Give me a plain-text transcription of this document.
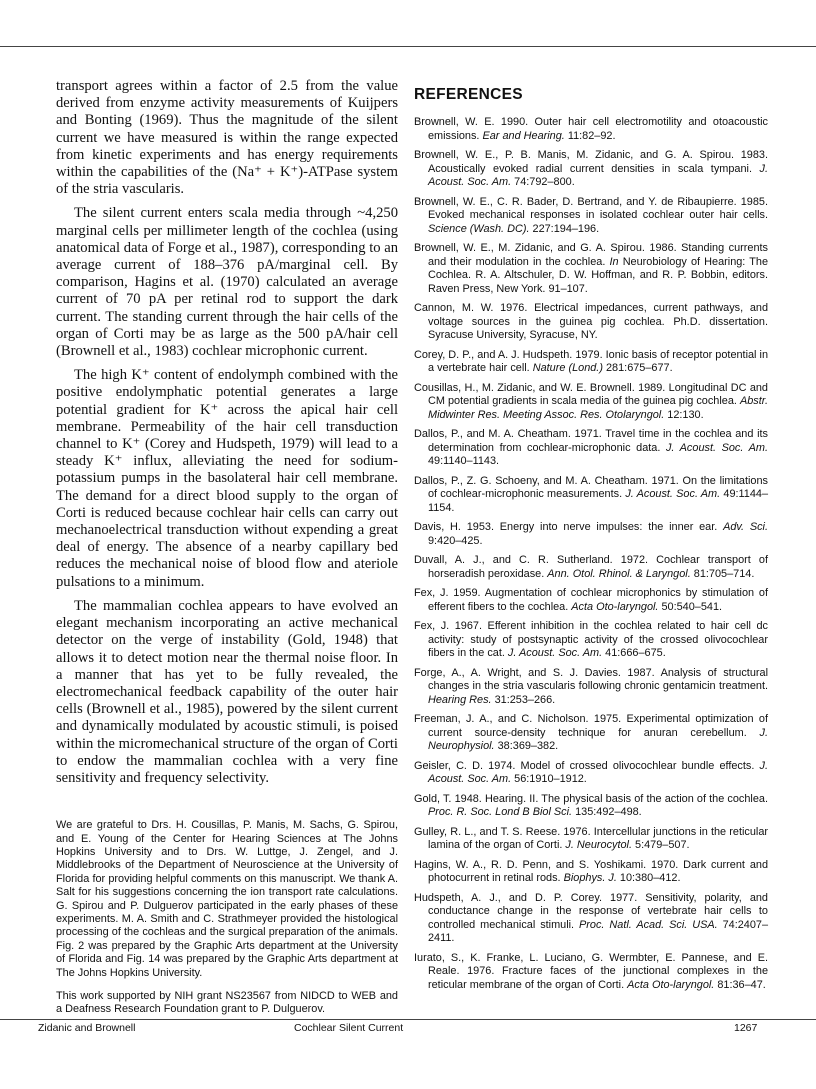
transport agrees within a factor of 2.5 from the value derived from enzyme activity measurements of Kuijpers and Bonting (1969). Thus the magnitude of the silent current we have measured is within the range expected from kinetic experiments and has energy requirements within the capabilities of the (Na⁺ + K⁺)-ATPase system of the stria vascularis.

The silent current enters scala media through ~4,250 marginal cells per millimeter length of the cochlea (using anatomical data of Forge et al., 1987), corresponding to an average current of 188–376 pA/marginal cell. By comparison, Hagins et al. (1970) calculated an average current of 70 pA per retinal rod to support the dark current. The standing current through the hair cells of the organ of Corti may be as large as the 500 pA/hair cell (Brownell et al., 1983) cochlear microphonic current.

The high K⁺ content of endolymph combined with the positive endolymphatic potential generates a large potential gradient for K⁺ across the apical hair cell membrane. Permeability of the hair cell transduction channel to K⁺ (Corey and Hudspeth, 1979) will lead to a steady K⁺ influx, alleviating the need for sodium-potassium pumps in the basolateral hair cell membrane. The demand for a direct blood supply to the organ of Corti is reduced because cochlear hair cells can carry out mechanoelectrical transduction without expending a great deal of energy. The absence of a nearby capillary bed reduces the mechanical noise of blood flow and ateriole pulsations to a minimum.

The mammalian cochlea appears to have evolved an elegant mechanism incorporating an active mechanical detector on the verge of instability (Gold, 1948) that allows it to detect motion near the thermal noise floor. In a manner that has yet to be fully revealed, the electromechanical feedback capability of the outer hair cells (Brownell et al., 1985), powered by the silent current and dynamically modulated by acoustic stimuli, is poised within the micromechanical structure of the organ of Corti to endow the mammalian cochlea with a very fine sensitivity and frequency selectivity.

We are grateful to Drs. H. Cousillas, P. Manis, M. Sachs, G. Spirou, and E. Young of the Center for Hearing Sciences at The Johns Hopkins University and to Drs. W. Luttge, J. Zengel, and J. Middlebrooks of the Department of Neuroscience at the University of Florida for providing helpful comments on this manuscript. We thank A. Salt for his suggestions concerning the ion transport rate calculations. G. Spirou and P. Dulguerov participated in the early phases of these experiments. M. A. Smith and C. Strathmeyer provided the histological processing of the cochleas and the surgical preparation of the animals. Fig. 2 was prepared by the Graphic Arts department at the University of Florida and Fig. 14 was prepared by the Graphic Arts department at The Johns Hopkins University.

This work supported by NIH grant NS23567 from NIDCD to WEB and a Deafness Research Foundation grant to P. Dulguerov.

REFERENCES
Brownell, W. E. 1990. Outer hair cell electromotility and otoacoustic emissions. Ear and Hearing. 11:82–92.
Brownell, W. E., P. B. Manis, M. Zidanic, and G. A. Spirou. 1983. Acoustically evoked radial current densities in scala tympani. J. Acoust. Soc. Am. 74:792–800.
Brownell, W. E., C. R. Bader, D. Bertrand, and Y. de Ribaupierre. 1985. Evoked mechanical responses in isolated cochlear outer hair cells. Science (Wash. DC). 227:194–196.
Brownell, W. E., M. Zidanic, and G. A. Spirou. 1986. Standing currents and their modulation in the cochlea. In Neurobiology of Hearing: The Cochlea. R. A. Altschuler, D. W. Hoffman, and R. P. Bobbin, editors. Raven Press, New York. 91–107.
Cannon, M. W. 1976. Electrical impedances, current pathways, and voltage sources in the guinea pig cochlea. Ph.D. dissertation. Syracuse University, Syracuse, NY.
Corey, D. P., and A. J. Hudspeth. 1979. Ionic basis of receptor potential in a vertebrate hair cell. Nature (Lond.) 281:675–677.
Cousillas, H., M. Zidanic, and W. E. Brownell. 1989. Longitudinal DC and CM potential gradients in scala media of the guinea pig cochlea. Abstr. Midwinter Res. Meeting Assoc. Res. Otolaryngol. 12:130.
Dallos, P., and M. A. Cheatham. 1971. Travel time in the cochlea and its determination from cochlear-microphonic data. J. Acoust. Soc. Am. 49:1140–1143.
Dallos, P., Z. G. Schoeny, and M. A. Cheatham. 1971. On the limitations of cochlear-microphonic measurements. J. Acoust. Soc. Am. 49:1144–1154.
Davis, H. 1953. Energy into nerve impulses: the inner ear. Adv. Sci. 9:420–425.
Duvall, A. J., and C. R. Sutherland. 1972. Cochlear transport of horseradish peroxidase. Ann. Otol. Rhinol. & Laryngol. 81:705–714.
Fex, J. 1959. Augmentation of cochlear microphonics by stimulation of efferent fibers to the cochlea. Acta Oto-laryngol. 50:540–541.
Fex, J. 1967. Efferent inhibition in the cochlea related to hair cell dc activity: study of postsynaptic activity of the crossed olivocochlear fibers in the cat. J. Acoust. Soc. Am. 41:666–675.
Forge, A., A. Wright, and S. J. Davies. 1987. Analysis of structural changes in the stria vascularis following chronic gentamicin treatment. Hearing Res. 31:253–266.
Freeman, J. A., and C. Nicholson. 1975. Experimental optimization of current source-density technique for anuran cerebellum. J. Neurophysiol. 38:369–382.
Geisler, C. D. 1974. Model of crossed olivocochlear bundle effects. J. Acoust. Soc. Am. 56:1910–1912.
Gold, T. 1948. Hearing. II. The physical basis of the action of the cochlea. Proc. R. Soc. Lond B Biol Sci. 135:492–498.
Gulley, R. L., and T. S. Reese. 1976. Intercellular junctions in the reticular lamina of the organ of Corti. J. Neurocytol. 5:479–507.
Hagins, W. A., R. D. Penn, and S. Yoshikami. 1970. Dark current and photocurrent in retinal rods. Biophys. J. 10:380–412.
Hudspeth, A. J., and D. P. Corey. 1977. Sensitivity, polarity, and conductance change in the response of vertebrate hair cells to controlled mechanical stimuli. Proc. Natl. Acad. Sci. USA. 74:2407–2411.
Iurato, S., K. Franke, L. Luciano, G. Wermbter, E. Pannese, and E. Reale. 1976. Fracture faces of the junctional complexes in the reticular membrane of the organ of Corti. Acta Oto-laryngol. 81:36–47.
Zidanic and Brownell	Cochlear Silent Current	1267
